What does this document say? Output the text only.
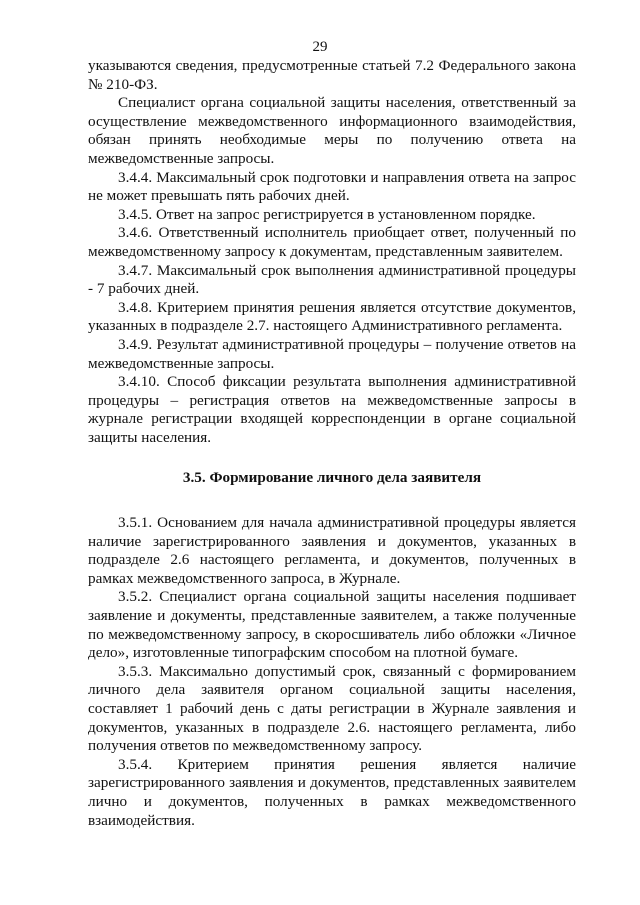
29

указываются сведения, предусмотренные статьей 7.2 Федерального закона № 210-ФЗ.

Специалист органа социальной защиты населения, ответственный за осуществление межведомственного информационного взаимодействия, обязан принять необходимые меры по получению ответа на межведомственные запросы.

3.4.4. Максимальный срок подготовки и направления ответа на запрос не может превышать пять рабочих дней.

3.4.5. Ответ на запрос регистрируется в установленном порядке.

3.4.6. Ответственный исполнитель приобщает ответ, полученный по межведомственному запросу к документам, представленным заявителем.

3.4.7. Максимальный срок выполнения административной процедуры - 7 рабочих дней.

3.4.8. Критерием принятия решения является отсутствие документов, указанных в подразделе 2.7. настоящего Административного регламента.

3.4.9. Результат административной процедуры – получение ответов на межведомственные запросы.

3.4.10. Способ фиксации результата выполнения административной процедуры – регистрация ответов на межведомственные запросы в журнале регистрации входящей корреспонденции в органе социальной защиты населения.

3.5. Формирование личного дела заявителя

3.5.1. Основанием для начала административной процедуры является наличие зарегистрированного заявления и документов, указанных в подразделе 2.6 настоящего регламента, и документов, полученных в рамках межведомственного запроса, в Журнале.

3.5.2. Специалист органа социальной защиты населения подшивает заявление и документы, представленные заявителем, а также полученные по межведомственному запросу, в скоросшиватель либо обложки «Личное дело», изготовленные типографским способом на плотной бумаге.

3.5.3. Максимально допустимый срок, связанный с формированием личного дела заявителя органом социальной защиты населения, составляет 1 рабочий день с даты регистрации в Журнале заявления и документов, указанных в подразделе 2.6. настоящего регламента, либо получения ответов по межведомственному запросу.

3.5.4. Критерием принятия решения является наличие зарегистрированного заявления и документов, представленных заявителем лично и документов, полученных в рамках межведомственного взаимодействия.
